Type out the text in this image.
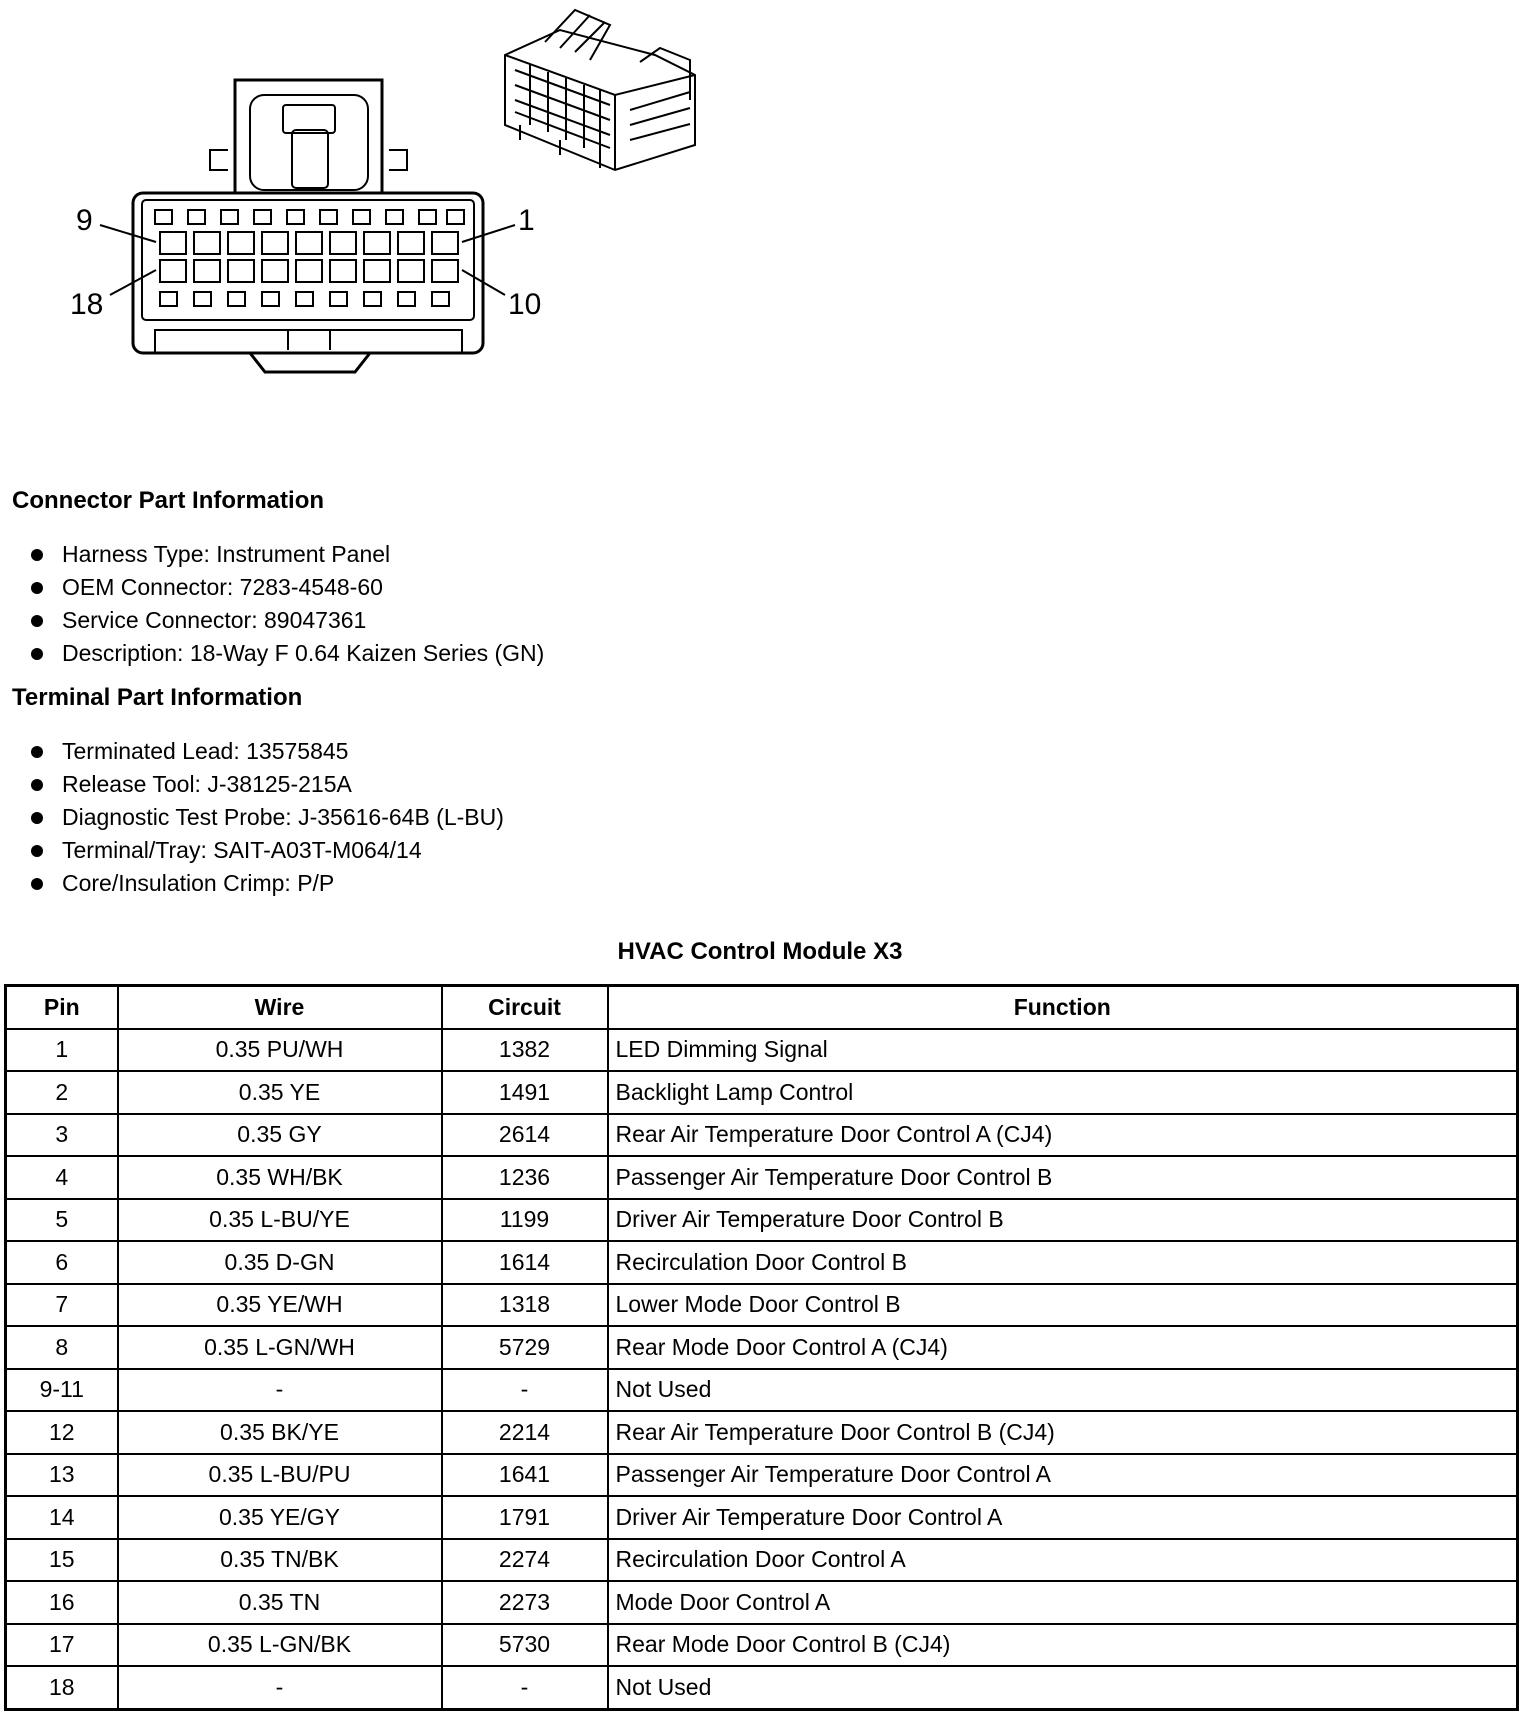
9	1
18	10
Connector Part Information
Harness Type: Instrument Panel
OEM Connector: 7283-4548-60
Service Connector: 89047361
Description: 18-Way F 0.64 Kaizen Series (GN)
Terminal Part Information
Terminated Lead: 13575845
Release Tool: J-38125-215A
Diagnostic Test Probe: J-35616-64B (L-BU)
Terminal/Tray: SAIT-A03T-M064/14
Core/Insulation Crimp: P/P
HVAC Control Module X3
Pin	Wire	Circuit	Function
1	0.35 PU/WH	1382	LED Dimming Signal
2	0.35 YE	1491	Backlight Lamp Control
3	0.35 GY	2614	Rear Air Temperature Door Control A (CJ4)
4	0.35 WH/BK	1236	Passenger Air Temperature Door Control B
5	0.35 L-BU/YE	1199	Driver Air Temperature Door Control B
6	0.35 D-GN	1614	Recirculation Door Control B
7	0.35 YE/WH	1318	Lower Mode Door Control B
8	0.35 L-GN/WH	5729	Rear Mode Door Control A (CJ4)
9-11	-	-	Not Used
12	0.35 BK/YE	2214	Rear Air Temperature Door Control B (CJ4)
13	0.35 L-BU/PU	1641	Passenger Air Temperature Door Control A
14	0.35 YE/GY	1791	Driver Air Temperature Door Control A
15	0.35 TN/BK	2274	Recirculation Door Control A
16	0.35 TN	2273	Mode Door Control A
17	0.35 L-GN/BK	5730	Rear Mode Door Control B (CJ4)
18	-	-	Not Used
